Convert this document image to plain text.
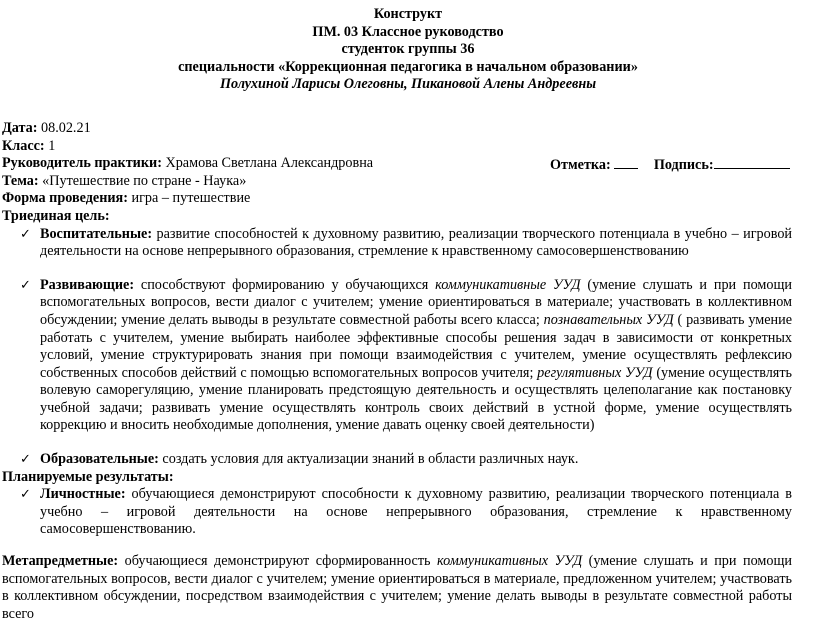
Конструкт
ПМ. 03 Классное руководство
студенток группы 36
специальности «Коррекционная педагогика в начальном образовании»
Полухиной Ларисы Олеговны, Пикановой Алены Андреевны
Дата: 08.02.21
Класс: 1
Руководитель практики: Храмова Светлана Александровна	Отметка:	Подпись:
Тема: «Путешествие по стране - Наука»
Форма проведения: игра – путешествие
Триединая цель:
✓ Воспитательные: развитие способностей к духовному развитию, реализации творческого потенциала в учебно – игровой деятельности на основе непрерывного образования, стремление к нравственному самосовершенствованию
✓ Развивающие: способствуют формированию у обучающихся коммуникативные УУД (умение слушать и при помощи вспомогательных вопросов, вести диалог с учителем; умение ориентироваться в материале; участвовать в коллективном обсуждении; умение делать выводы в результате совместной работы всего класса; познавательных УУД ( развивать умение работать с учителем, умение выбирать наиболее эффективные способы решения задач в зависимости от конкретных условий, умение структурировать знания при помощи взаимодействия с учителем, умение осуществлять рефлексию собственных способов действий с помощью вспомогательных вопросов учителя; регулятивных УУД (умение осуществлять волевую саморегуляцию, умение планировать предстоящую деятельность и осуществлять целеполагание как постановку учебной задачи; развивать умение осуществлять контроль своих действий в устной форме, умение осуществлять коррекцию и вносить необходимые дополнения, умение давать оценку своей деятельности)
✓ Образовательные: создать условия для актуализации знаний в области различных наук.
Планируемые результаты:
✓ Личностные: обучающиеся демонстрируют способности к духовному развитию, реализации творческого потенциала в учебно – игровой деятельности на основе непрерывного образования, стремление к нравственному самосовершенствованию.
Метапредметные: обучающиеся демонстрируют сформированность коммуникативных УУД (умение слушать и при помощи вспомогательных вопросов, вести диалог с учителем; умение ориентироваться в материале, предложенном учителем; участвовать в коллективном обсуждении, посредством взаимодействия с учителем; умение делать выводы в результате совместной работы всего
